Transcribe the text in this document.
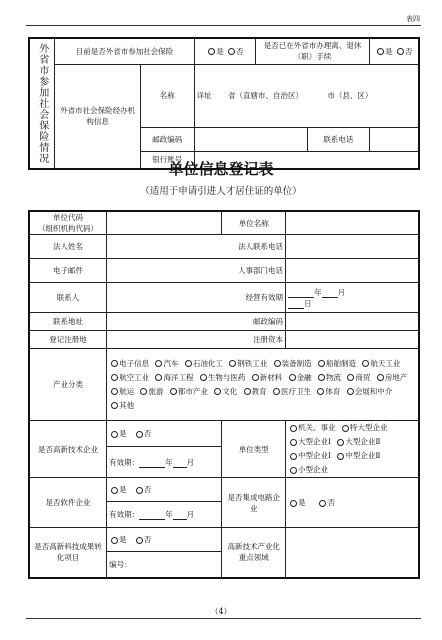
表四
外省市参加社会保险情况	目前是否外省市参加社会保险		是 否	是否已在外省市办理离、退休（职）手续		是 否
	外省市社会保险经办机构信息	名称	详址 省（直辖市、自治区） 市（县、区）			
		邮政编码			联系电话	
		银行账号				
单位信息登记表
（适用于申请引进人才居住证的单位）
单位代码
（组织机构代码）		单位名称	
法人姓名	法人联系电话		
电子邮件	人事部门电话		
联系人	经营有效期		年 月
日
联系地址	邮政编码		
登记注册地	注册资本		
产业分类	电子信息 汽车 石油化工 钢铁工业 装备制造 船舶制造 航天工业 航空工业 海洋工程 生物与医药 新材料 金融 物流 商贸 房地产 航运 旅游 都市产业 文化 教育 医疗卫生 体育 会展和中介 其他		
是否高新技术企业	是 否	单位类型	机关、事业 特大型企业 大型企业Ⅰ 大型企业Ⅱ 中型企业Ⅰ 中型企业Ⅱ 小型企业
	有效期： 年 月		
是否软件企业	是 否	是否集成电路企业	是 否
	有效期： 年 月		
是否高新科技成果转化项目	是 否	高新技术产业化重点领域	
	编号：		
（4）
